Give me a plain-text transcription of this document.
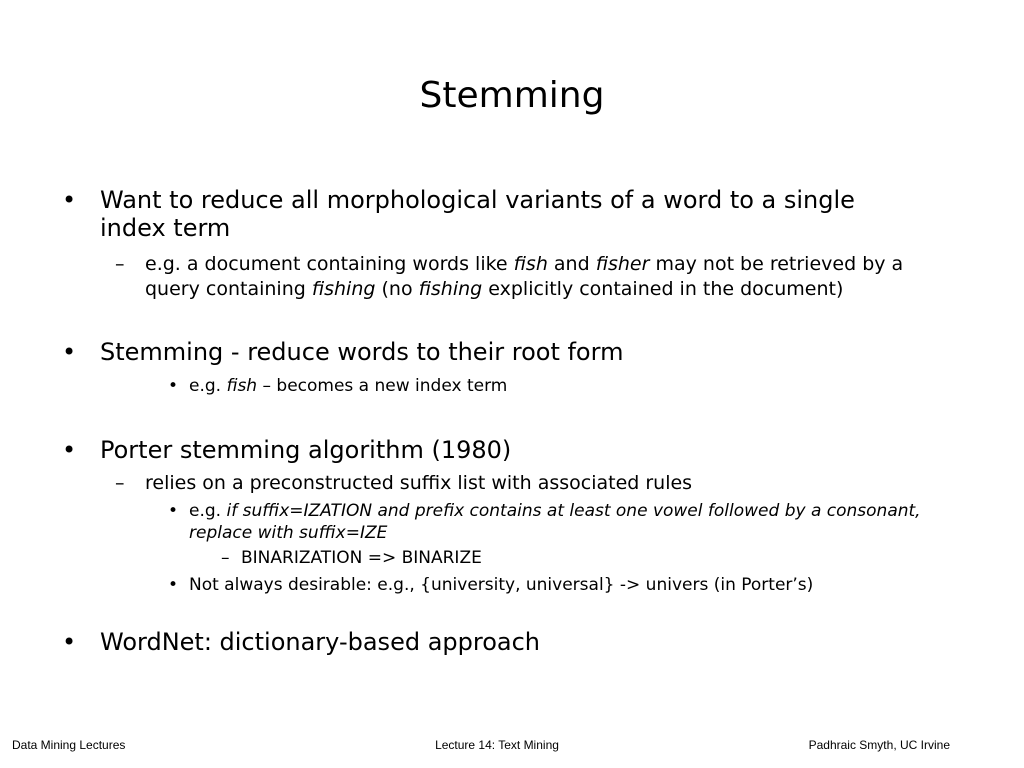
Stemming
• Want to reduce all morphological variants of a word to a single index term
– e.g. a document containing words like fish and fisher may not be retrieved by a query containing fishing (no fishing explicitly contained in the document)
• Stemming - reduce words to their root form
• e.g. fish – becomes a new index term
• Porter stemming algorithm (1980)
– relies on a preconstructed suffix list with associated rules
• e.g. if suffix=IZATION and prefix contains at least one vowel followed by a consonant, replace with suffix=IZE
– BINARIZATION => BINARIZE
• Not always desirable: e.g., {university, universal} -> univers (in Porter’s)
• WordNet: dictionary-based approach
Data Mining Lectures	Lecture 14: Text Mining	Padhraic Smyth, UC Irvine
